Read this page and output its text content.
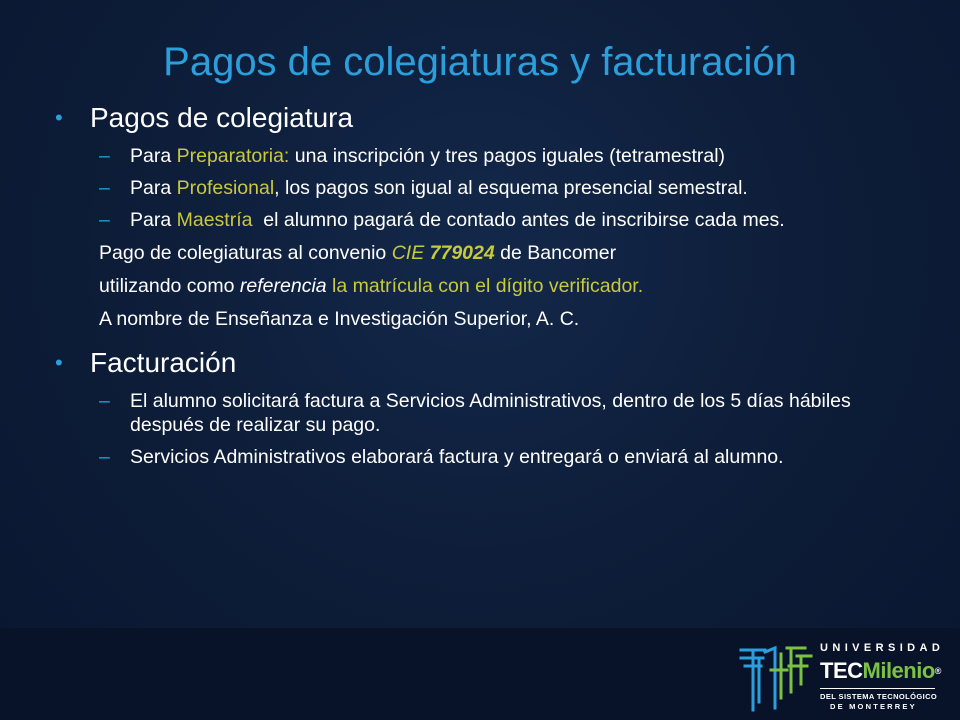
Pagos de colegiaturas y facturación
• Pagos de colegiatura
– Para Preparatoria: una inscripción y tres pagos iguales (tetramestral)
– Para Profesional, los pagos son igual al esquema presencial semestral.
– Para Maestría  el alumno pagará de contado antes de inscribirse cada mes.
Pago de colegiaturas al convenio CIE 779024 de Bancomer
utilizando como referencia la matrícula con el dígito verificador.
A nombre de Enseñanza e Investigación Superior, A. C.
• Facturación
– El alumno solicitará factura a Servicios Administrativos, dentro de los 5 días hábiles después de realizar su pago.
– Servicios Administrativos elaborará factura y entregará o enviará al alumno.
UNIVERSIDAD
TECMilenio®
DEL SISTEMA TECNOLÓGICO
DE MONTERREY
